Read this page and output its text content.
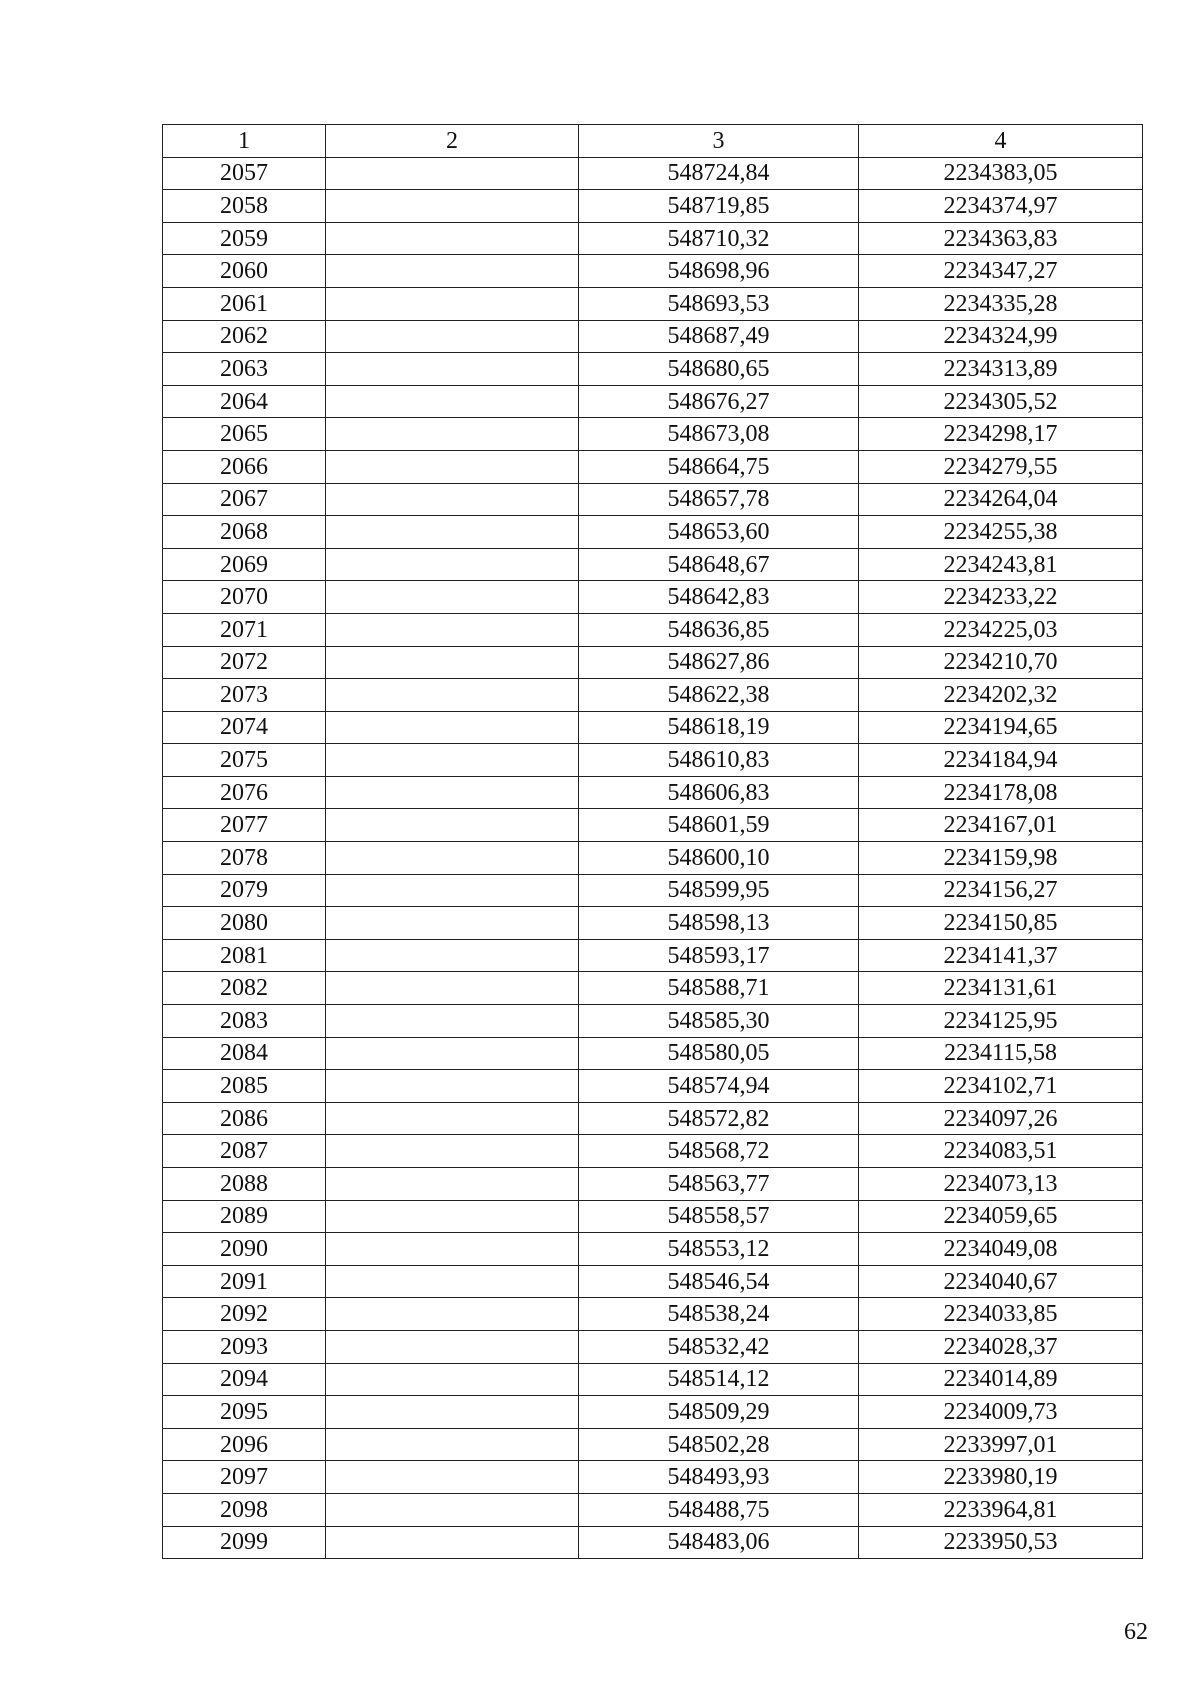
1	2	3	4
2057		548724,84	2234383,05
2058		548719,85	2234374,97
2059		548710,32	2234363,83
2060		548698,96	2234347,27
2061		548693,53	2234335,28
2062		548687,49	2234324,99
2063		548680,65	2234313,89
2064		548676,27	2234305,52
2065		548673,08	2234298,17
2066		548664,75	2234279,55
2067		548657,78	2234264,04
2068		548653,60	2234255,38
2069		548648,67	2234243,81
2070		548642,83	2234233,22
2071		548636,85	2234225,03
2072		548627,86	2234210,70
2073		548622,38	2234202,32
2074		548618,19	2234194,65
2075		548610,83	2234184,94
2076		548606,83	2234178,08
2077		548601,59	2234167,01
2078		548600,10	2234159,98
2079		548599,95	2234156,27
2080		548598,13	2234150,85
2081		548593,17	2234141,37
2082		548588,71	2234131,61
2083		548585,30	2234125,95
2084		548580,05	2234115,58
2085		548574,94	2234102,71
2086		548572,82	2234097,26
2087		548568,72	2234083,51
2088		548563,77	2234073,13
2089		548558,57	2234059,65
2090		548553,12	2234049,08
2091		548546,54	2234040,67
2092		548538,24	2234033,85
2093		548532,42	2234028,37
2094		548514,12	2234014,89
2095		548509,29	2234009,73
2096		548502,28	2233997,01
2097		548493,93	2233980,19
2098		548488,75	2233964,81
2099		548483,06	2233950,53
62
